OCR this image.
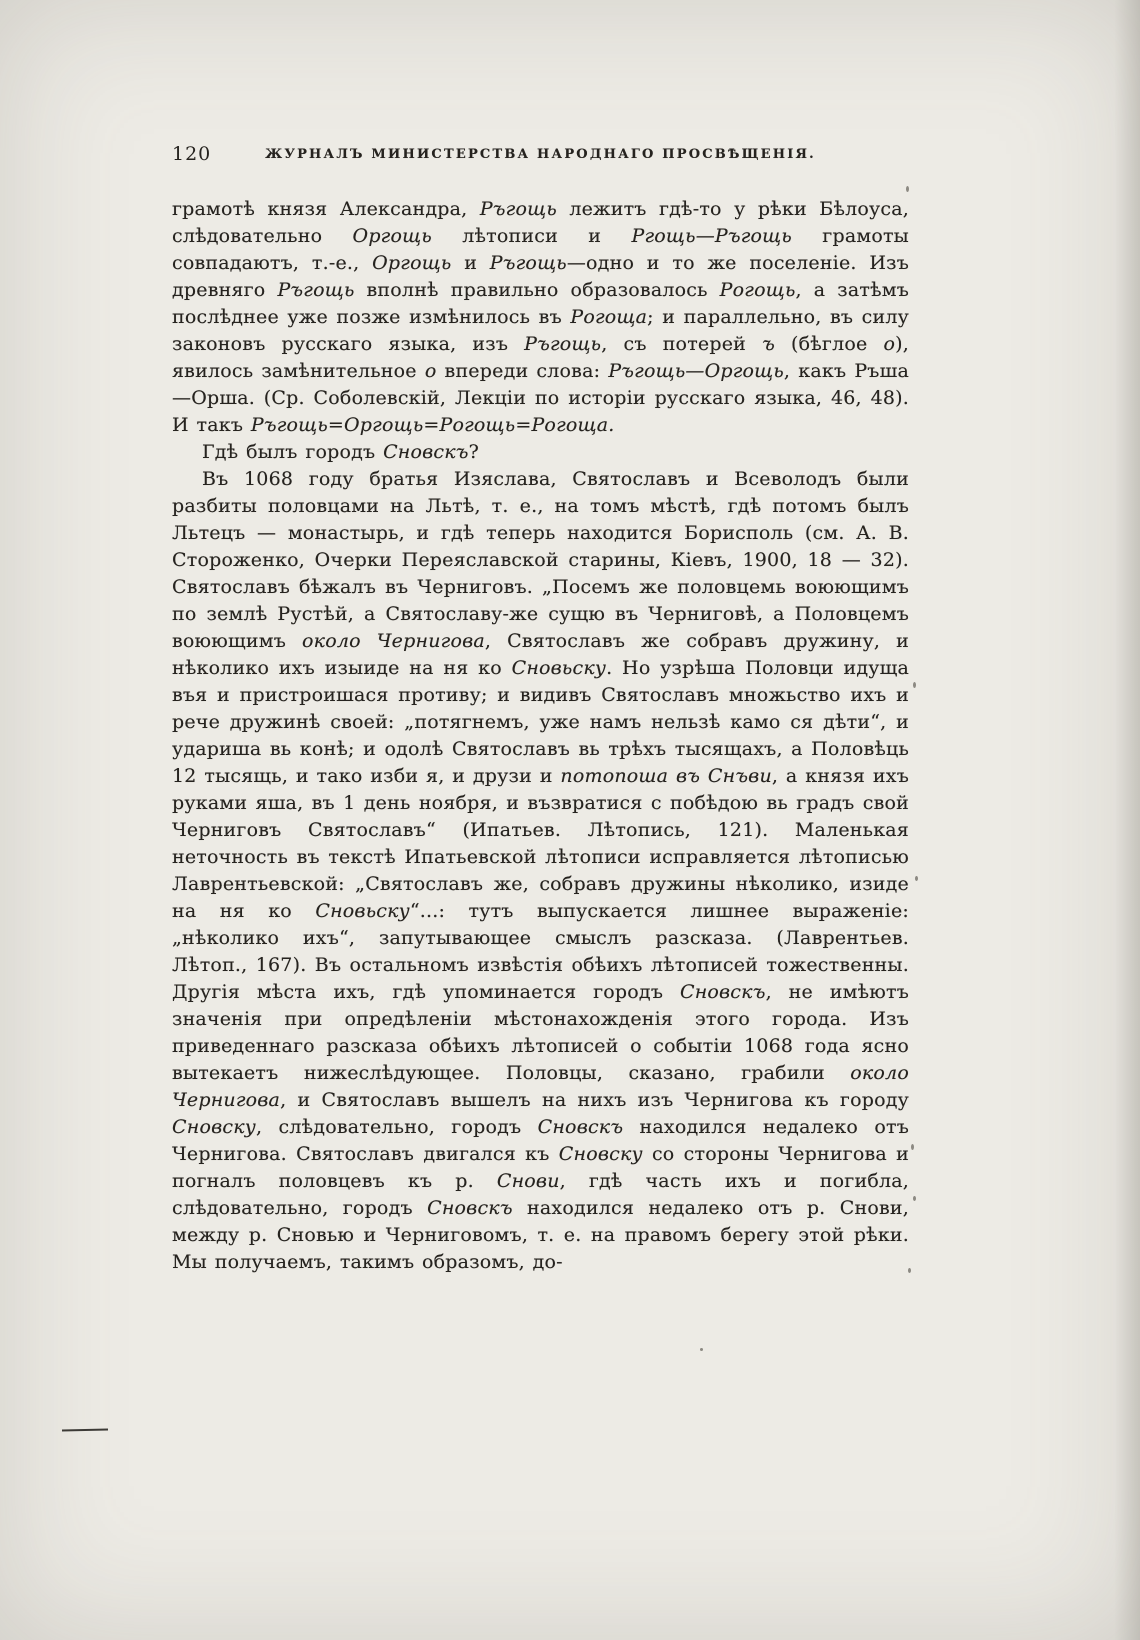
120	ЖУРНАЛЪ МИНИСТЕРСТВА НАРОДНАГО ПРОСВѢЩЕНІЯ.

грамотѣ князя Александра, Ръгощь лежитъ гдѣ-то у рѣки Бѣлоуса, слѣдовательно Оргощь лѣтописи и Ргощь—Ръгощь грамоты совпадаютъ, т.-е., Оргощь и Ръгощь—одно и то же поселеніе. Изъ древняго Ръгощь вполнѣ правильно образовалось Рогощь, а затѣмъ послѣднее уже позже измѣнилось въ Рогоща; и параллельно, въ силу законовъ русскаго языка, изъ Ръгощь, съ потерей ъ (бѣглое о), явилось замѣнительное о впереди слова: Ръгощь—Оргощь, какъ Ръша—Орша. (Ср. Соболевскій, Лекціи по исторіи русскаго языка, 46, 48). И такъ Ръгощь=Оргощь=Рогощь=Рогоща.

Гдѣ былъ городъ Сновскъ?

Въ 1068 году братья Изяслава, Святославъ и Всеволодъ были разбиты половцами на Льтѣ, т. е., на томъ мѣстѣ, гдѣ потомъ былъ Льтецъ — монастырь, и гдѣ теперь находится Борисполь (см. А. В. Стороженко, Очерки Переяславской старины, Кіевъ, 1900, 18 — 32). Святославъ бѣжалъ въ Черниговъ. „Посемъ же половцемь воюющимъ по землѣ Рустѣй, а Святославу-же сущю въ Черниговѣ, а Половцемъ воюющимъ около Чернигова, Святославъ же собравъ дружину, и нѣколико ихъ изыиде на ня ко Сновьску. Но узрѣша Половци идуща въя и пристроишася противу; и видивъ Святославъ множьство ихъ и рече дружинѣ своей: „потягнемъ, уже намъ нельзѣ камо ся дѣти“, и удариша вь конѣ; и одолѣ Святославъ вь трѣхъ тысящахъ, а Половѣць 12 тысящь, и тако изби я, и друзи и потопоша въ Снъви, а князя ихъ руками яша, въ 1 день ноября, и възвратися с побѣдою вь градъ свой Черниговъ Святославъ“ (Ипатьев. Лѣтопись, 121). Маленькая неточность въ текстѣ Ипатьевской лѣтописи исправляется лѣтописью Лаврентьевской: „Святославъ же, собравъ дружины нѣколико, изиде на ня ко Сновьску“...: тутъ выпускается лишнее выраженіе: „нѣколико ихъ“, запутывающее смыслъ разсказа. (Лаврентьев. Лѣтоп., 167). Въ остальномъ извѣстія обѣихъ лѣтописей тожественны. Другія мѣста ихъ, гдѣ упоминается городъ Сновскъ, не имѣютъ значенія при опредѣленіи мѣстонахожденія этого города. Изъ приведеннаго разсказа обѣихъ лѣтописей о событіи 1068 года ясно вытекаетъ нижеслѣдующее. Половцы, сказано, грабили около Чернигова, и Святославъ вышелъ на нихъ изъ Чернигова къ городу Сновску, слѣдовательно, городъ Сновскъ находился недалеко отъ Чернигова. Святославъ двигался къ Сновску со стороны Чернигова и погналъ половцевъ къ р. Снови, гдѣ часть ихъ и погибла, слѣдовательно, городъ Сновскъ находился недалеко отъ р. Снови, между р. Сновью и Черниговомъ, т. е. на правомъ берегу этой рѣки. Мы получаемъ, такимъ образомъ, до-
